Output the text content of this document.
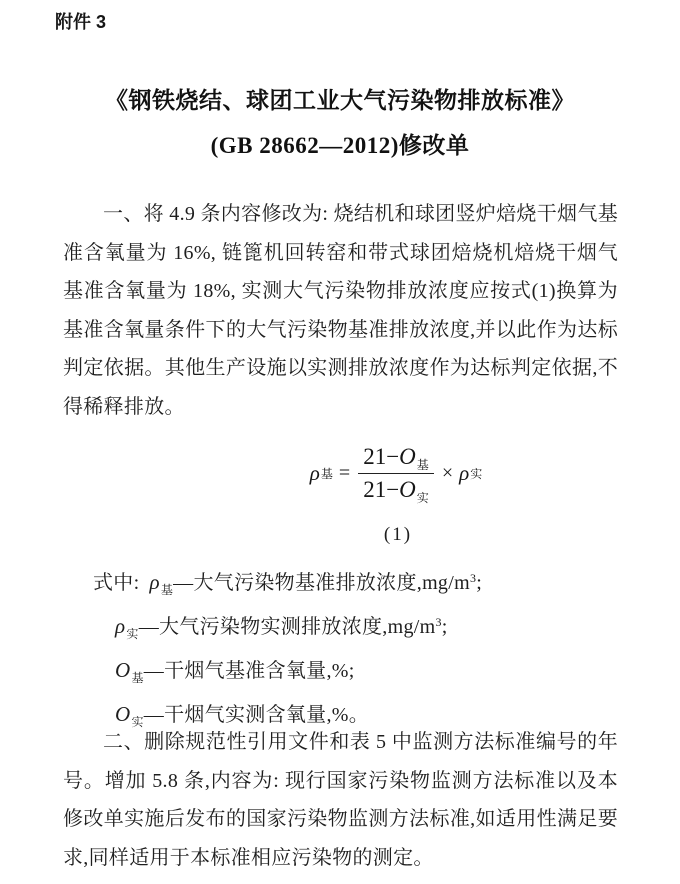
附件 3
《钢铁烧结、球团工业大气污染物排放标准》
(GB 28662—2012)修改单

一、将 4.9 条内容修改为: 烧结机和球团竖炉焙烧干烟气基准含氧量为 16%, 链篦机回转窑和带式球团焙烧机焙烧干烟气基准含氧量为 18%, 实测大气污染物排放浓度应按式(1)换算为基准含氧量条件下的大气污染物基准排放浓度,并以此作为达标判定依据。其他生产设施以实测排放浓度作为达标判定依据,不得稀释排放。

ρ 基 = $\frac{21-O_基}{21-O_实} \times \rho$ 实
(1)
式中: $\rho_基—$大气污染物基准排放浓度$,mg/m^3$;
$\rho_实—$大气污染物实测排放浓度$,mg/m^3$;
$O_基—$干烟气基准含氧量,%;
$O_实—$干烟气实测含氧量,%。

二、删除规范性引用文件和表 5 中监测方法标准编号的年号。增加 5.8 条,内容为: 现行国家污染物监测方法标准以及本修改单实施后发布的国家污染物监测方法标准,如适用性满足要求,同样适用于本标准相应污染物的测定。
